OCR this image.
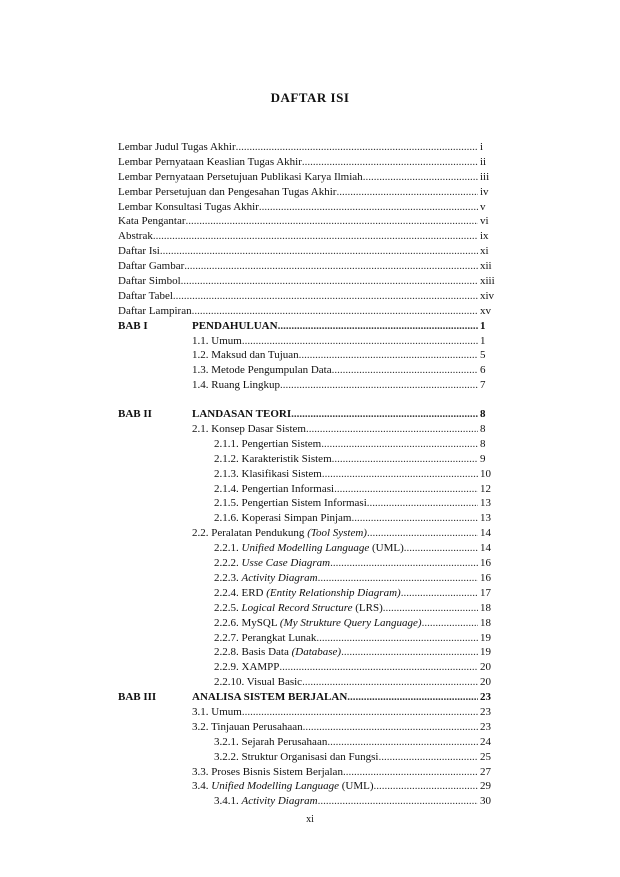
DAFTAR ISI
Lembar Judul Tugas Akhir .....	i
Lembar Pernyataan Keaslian Tugas Akhir .....	ii
Lembar Pernyataan Persetujuan Publikasi Karya Ilmiah .....	iii
Lembar Persetujuan dan Pengesahan Tugas Akhir .....	iv
Lembar Konsultasi Tugas Akhir .....	v
Kata Pengantar .....	vi
Abstrak .....	ix
Daftar Isi .....	xi
Daftar Gambar .....	xii
Daftar Simbol .....	xiii
Daftar Tabel .....	xiv
Daftar Lampiran .....	xv
BAB I	PENDAHULUAN .....	1
1.1. Umum .....	1
1.2. Maksud dan Tujuan .....	5
1.3. Metode Pengumpulan Data .....	6
1.4. Ruang Lingkup .....	7
BAB II	LANDASAN TEORI .....	8
2.1. Konsep Dasar Sistem .....	8
2.1.1. Pengertian Sistem .....	8
2.1.2. Karakteristik Sistem .....	9
2.1.3. Klasifikasi Sistem .....	10
2.1.4. Pengertian Informasi .....	12
2.1.5. Pengertian Sistem Informasi .....	13
2.1.6. Koperasi Simpan Pinjam .....	13
2.2. Peralatan Pendukung (Tool System) .....	14
2.2.1. Unified Modelling Language (UML) .....	14
2.2.2. Usse Case Diagram .....	16
2.2.3. Activity Diagram .....	16
2.2.4. ERD (Entity Relationship Diagram) .....	17
2.2.5. Logical Record Structure (LRS) .....	18
2.2.6. MySQL (My Strukture Query Language) .....	18
2.2.7. Perangkat Lunak .....	19
2.2.8. Basis Data (Database) .....	19
2.2.9. XAMPP .....	20
2.2.10. Visual Basic .....	20
BAB III	ANALISA SISTEM BERJALAN .....	23
3.1. Umum .....	23
3.2. Tinjauan Perusahaan .....	23
3.2.1. Sejarah Perusahaan .....	24
3.2.2. Struktur Organisasi dan Fungsi .....	25
3.3. Proses Bisnis Sistem Berjalan .....	27
3.4. Unified Modelling Language (UML) .....	29
3.4.1. Activity Diagram .....	30
xi
